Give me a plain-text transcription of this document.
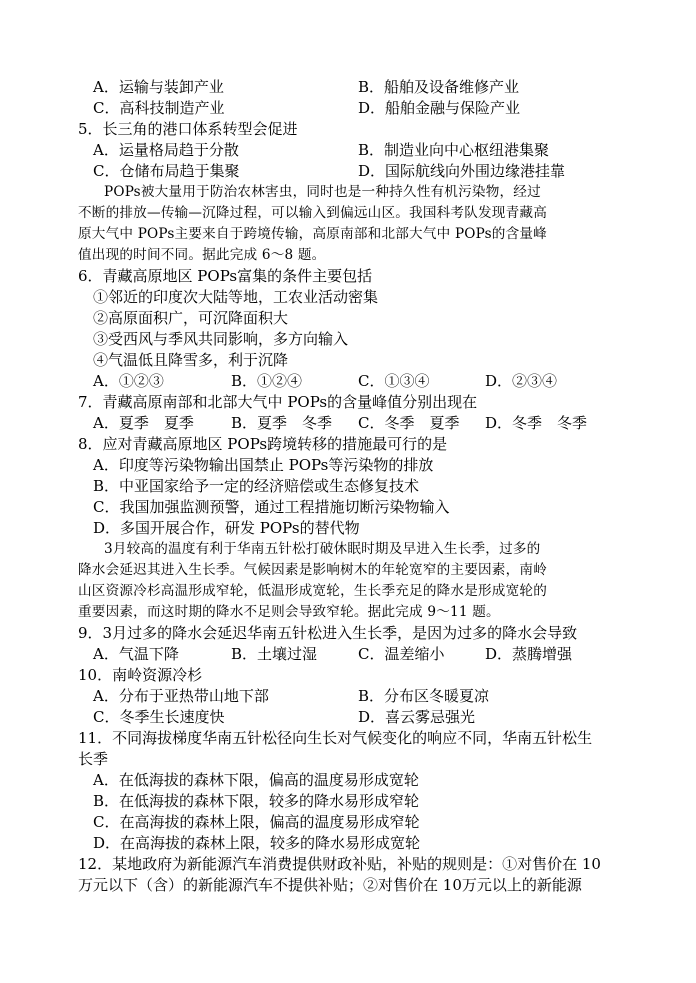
A．运输与装卸产业	B．船舶及设备维修产业
C．高科技制造产业	D．船舶金融与保险产业
5．长三角的港口体系转型会促进
A．运量格局趋于分散	B．制造业向中心枢纽港集聚
C．仓储布局趋于集聚	D．国际航线向外围边缘港挂靠
POPs被大量用于防治农林害虫，同时也是一种持久性有机污染物，经过
不断的排放—传输—沉降过程，可以输入到偏远山区。我国科考队发现青藏高
原大气中 POPs主要来自于跨境传输，高原南部和北部大气中 POPs的含量峰
值出现的时间不同。据此完成 6～8 题。
6．青藏高原地区 POPs富集的条件主要包括
①邻近的印度次大陆等地，工农业活动密集
②高原面积广，可沉降面积大
③受西风与季风共同影响，多方向输入
④气温低且降雪多，利于沉降
A．①②③	B．①②④	C．①③④	D．②③④
7．青藏高原南部和北部大气中 POPs的含量峰值分别出现在
A．夏季　夏季 B．夏季　冬季 C．冬季　夏季 D．冬季　冬季
8．应对青藏高原地区 POPs跨境转移的措施最可行的是
A．印度等污染物输出国禁止 POPs等污染物的排放
B．中亚国家给予一定的经济赔偿或生态修复技术
C．我国加强监测预警，通过工程措施切断污染物输入
D．多国开展合作，研发 POPs的替代物
3月较高的温度有利于华南五针松打破休眠时期及早进入生长季，过多的
降水会延迟其进入生长季。气候因素是影响树木的年轮宽窄的主要因素，南岭
山区资源冷杉高温形成窄轮，低温形成宽轮，生长季充足的降水是形成宽轮的
重要因素，而这时期的降水不足则会导致窄轮。据此完成 9～11 题。
9．3月过多的降水会延迟华南五针松进入生长季，是因为过多的降水会导致
A．气温下降	B．土壤过湿	C．温差缩小	D．蒸腾增强
10．南岭资源冷杉
A．分布于亚热带山地下部	B．分布区冬暖夏凉
C．冬季生长速度快	D．喜云雾忌强光
11．不同海拔梯度华南五针松径向生长对气候变化的响应不同，华南五针松生
长季
A．在低海拔的森林下限，偏高的温度易形成宽轮
B．在低海拔的森林下限，较多的降水易形成窄轮
C．在高海拔的森林上限，偏高的温度易形成窄轮
D．在高海拔的森林上限，较多的降水易形成宽轮
12．某地政府为新能源汽车消费提供财政补贴，补贴的规则是：①对售价在 10
万元以下（含）的新能源汽车不提供补贴；②对售价在 10万元以上的新能源
